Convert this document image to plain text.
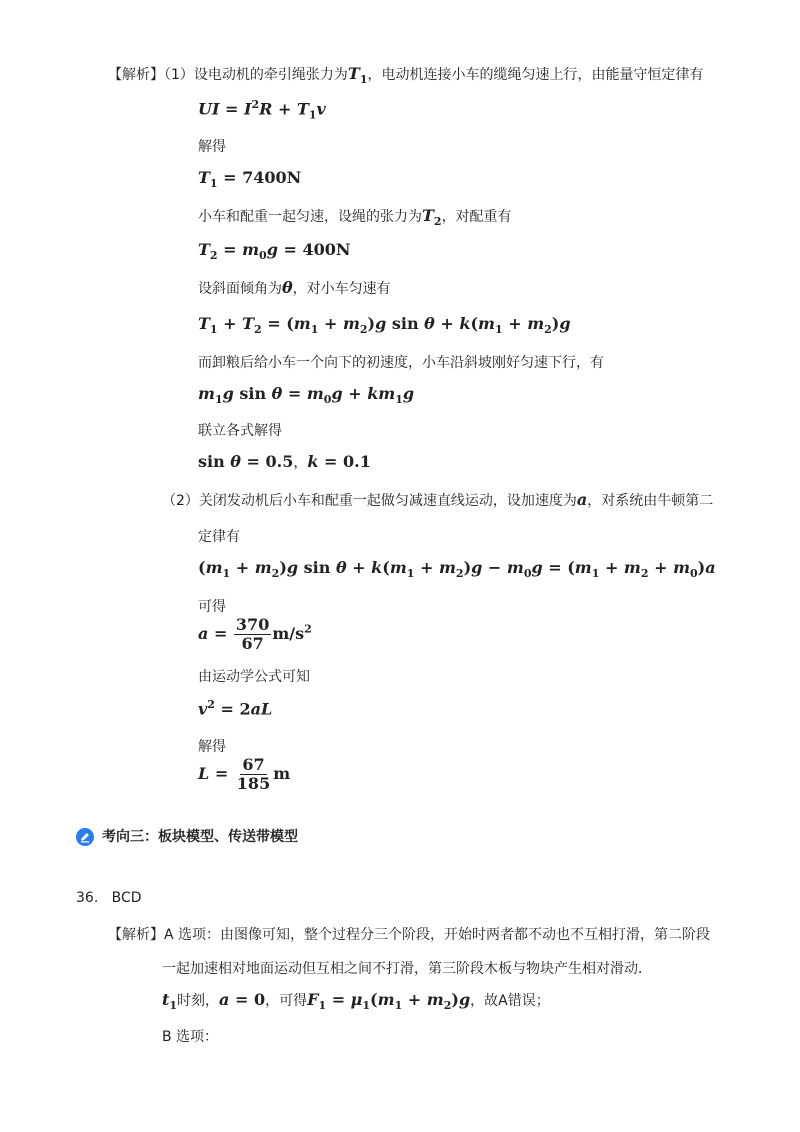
【解析】（1）设电动机的牵引绳张力为$T_1$，电动机连接小车的缆绳匀速上行，由能量守恒定律有
UI = $I^2R + T_1v$
解得
$T_1 = 7400N$
小车和配重一起匀速，设绳的张力为$T_2$，对配重有
$T_2 = m_0g = 400N$
设斜面倾角为θ，对小车匀速有
$T_1 + T_2 = (m_1 + m_2)g$ $\sin \theta + k(m_1 + m_2)g$
而卸粮后给小车一个向下的初速度，小车沿斜坡刚好匀速下行，有
$m_1g$ $\sin \theta = m_0g + km_1g$
联立各式解得
sin θ = 0.5，k = 0.1
（2）关闭发动机后小车和配重一起做匀减速直线运动，设加速度为a，对系统由牛顿第二
定律有
$(m_1 + m_2)g$ $\sin \theta + k(m_1 + m_2)g - m_0g = (m_1 + m_2 + m_0)a$
可得
$a = \frac{370}{67} m/s^2$
由运动学公式可知
$v^2 = 2aL$
解得
$L = \frac{67}{185}$ m
考向三：板块模型、传送带模型
36. BCD
【解析】A 选项：由图像可知，整个过程分三个阶段，开始时两者都不动也不互相打滑，第二阶段
一起加速相对地面运动但互相之间不打滑，第三阶段木板与物块产生相对滑动．
$t_1$时刻，a = 0，可得$F_1 = \mu_1(m_1 + m_2)g$，故A错误；
B 选项：
